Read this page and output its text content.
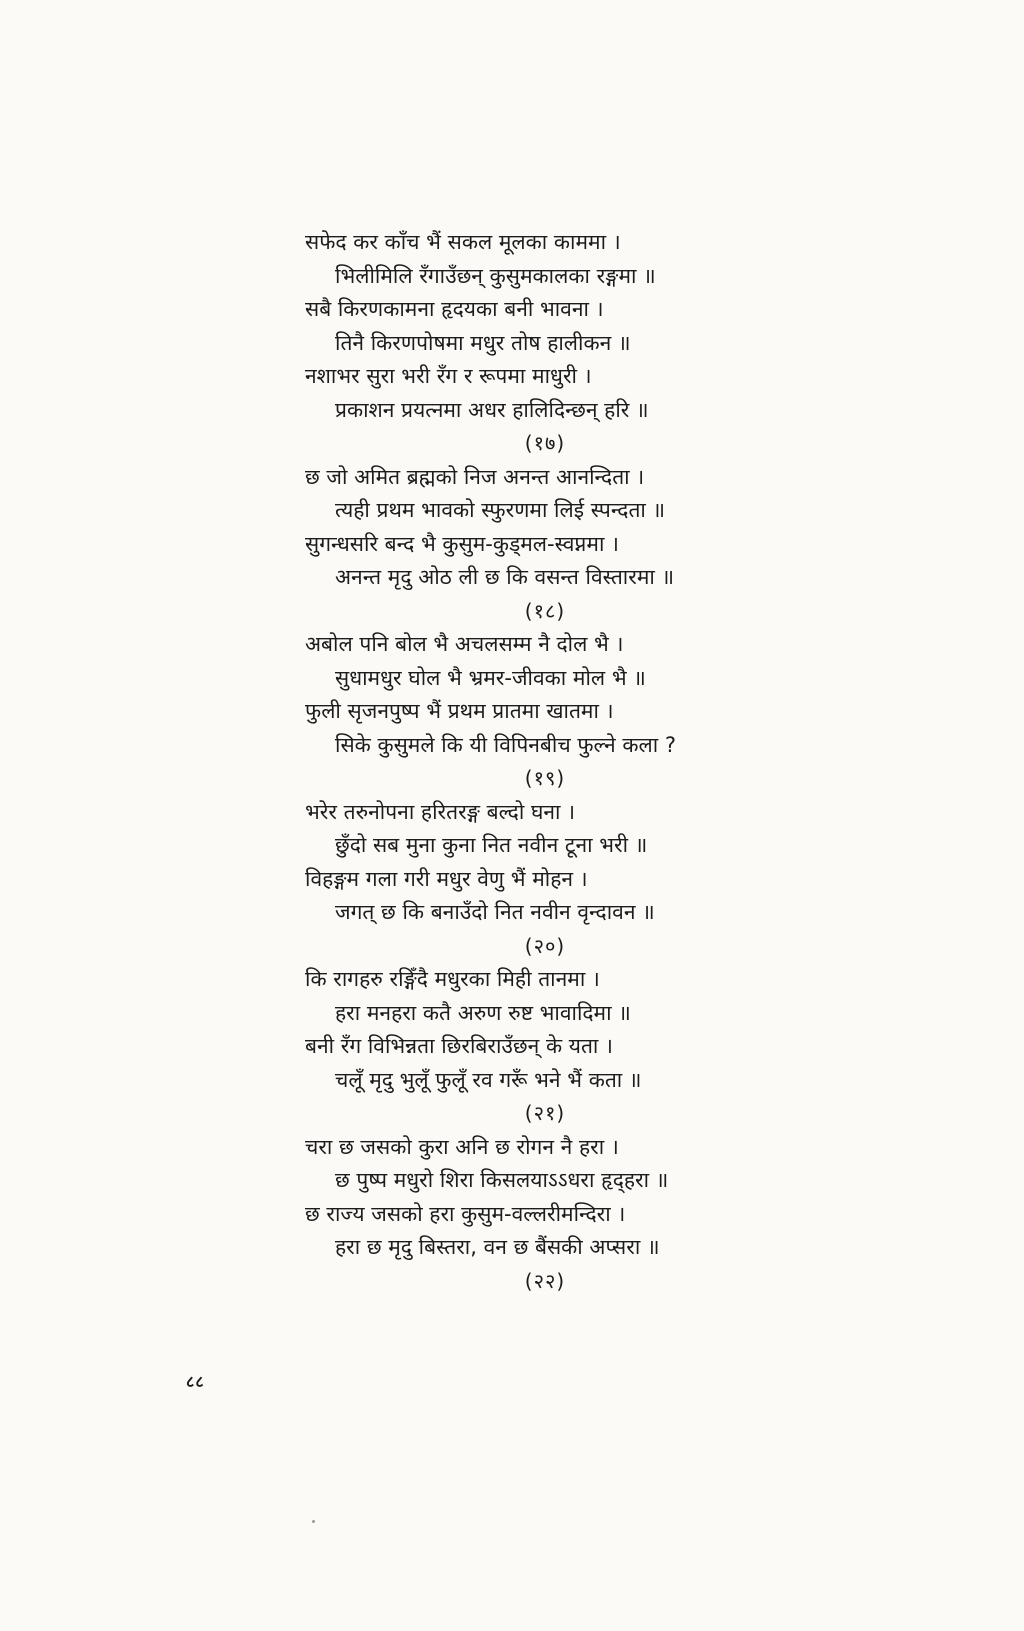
सफेद कर काँच भैं सकल मूलका काममा ।
भिलीमिलि रँगाउँछन् कुसुमकालका रङ्गमा ॥
सबै किरणकामना हृदयका बनी भावना ।
तिनै किरणपोषमा मधुर तोष हालीकन ॥
नशाभर सुरा भरी रँग र रूपमा माधुरी ।
प्रकाशन प्रयत्नमा अधर हालिदिन्छन् हरि ॥
(१७)
छ जो अमित ब्रह्मको निज अनन्त आनन्दिता ।
त्यही प्रथम भावको स्फुरणमा लिई स्पन्दता ॥
सुगन्धसरि बन्द भै कुसुम-कुड्मल-स्वप्नमा ।
अनन्त मृदु ओठ ली छ कि वसन्त विस्तारमा ॥
(१८)
अबोल पनि बोल भै अचलसम्म नै दोल भै ।
सुधामधुर घोल भै भ्रमर-जीवका मोल भै ॥
फुली सृजनपुष्प भैं प्रथम प्रातमा खातमा ।
सिके कुसुमले कि यी विपिनबीच फुल्ने कला ?
(१९)
भरेर तरुनोपना हरितरङ्ग बल्दो घना ।
छुँदो सब मुना कुना नित नवीन टूना भरी ॥
विहङ्गम गला गरी मधुर वेणु भैं मोहन ।
जगत् छ कि बनाउँदो नित नवीन वृन्दावन ॥
(२०)
कि रागहरु रङ्गिँदै मधुरका मिही तानमा ।
हरा मनहरा कतै अरुण रुष्ट भावादिमा ॥
बनी रँग विभिन्नता छिरबिराउँछन् के यता ।
चलूँ मृदु भुलूँ फुलूँ रव गरूँ भने भैं कता ॥
(२१)
चरा छ जसको कुरा अनि छ रोगन नै हरा ।
छ पुष्प मधुरो शिरा किसलयाऽऽधरा हृद्हरा ॥
छ राज्य जसको हरा कुसुम-वल्लरीमन्दिरा ।
हरा छ मृदु बिस्तरा, वन छ बैंसकी अप्सरा ॥
(२२)
८८
